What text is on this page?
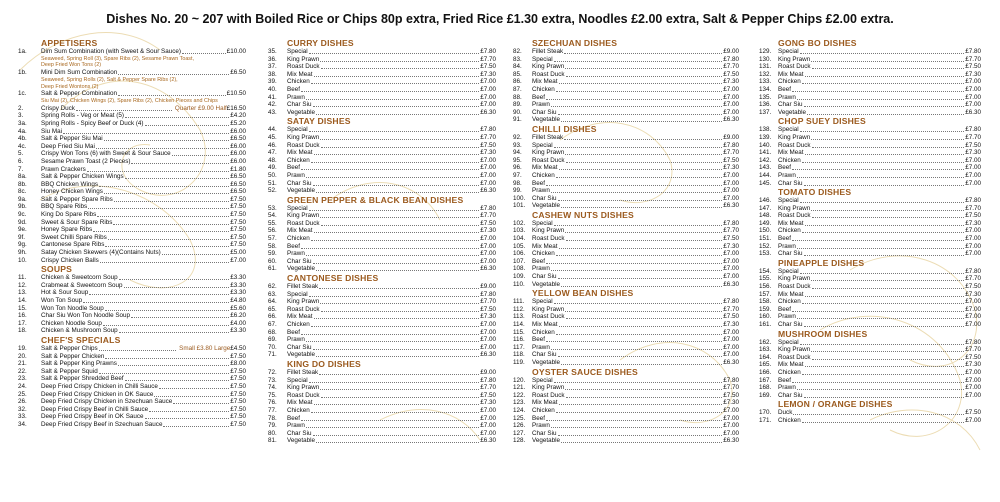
Dishes No. 20 ~ 207 with Boiled Rice or Chips 80p extra, Fried Rice £1.30 extra, Noodles £2.00 extra, Salt & Pepper Chips £2.00 extra.
APPETISERS
1a.	Dim Sum Combination (with Sweet & Sour Sauce)	£10.00
Seaweed, Spring Roll (3), Spare Ribs (2), Sesame Prawn Toast,
Deep Fried Won Tons (2)
1b.	Mini Dim Sum Combination	£6.50
Seaweed, Spring Rolls (2), Salt & Pepper Spare Ribs (2),
Deep Fried Wontons (2)
1c.	Salt & Pepper Combination	£10.50
Siu Mai (2), Chicken Wings (2), Spare Ribs (2), Chicken Pieces and Chips
2.	Crispy Duck	Quarter £9.00 Half £16.50
3.	Spring Rolls - Veg or Meat (5)	£4.20
3a.	Spring Rolls - Spicy Beef or Duck (4)	£5.20
4a.	Siu Mai	£6.00
4b.	Salt & Pepper Siu Mai	£6.50
4c.	Deep Fried Siu Mai	£6.00
5.	Crispy Won Tons (6) with Sweet & Sour Sauce	£6.00
6.	Sesame Prawn Toast (2 Pieces)	£6.00
7.	Prawn Crackers	£1.80
8a.	Salt & Pepper Chicken Wings	£6.50
8b.	BBQ Chicken Wings	£6.50
8c.	Honey Chicken Wings	£6.50
9a.	Salt & Pepper Spare Ribs	£7.50
9b.	BBQ Spare Ribs	£7.50
9c.	King Do Spare Ribs	£7.50
9d.	Sweet & Sour Spare Ribs	£7.50
9e.	Honey Spare Ribs	£7.50
9f.	Sweet Chilli Spare Ribs	£7.50
9g.	Cantonese Spare Ribs	£7.50
9h.	Satay Chicken Skewers (4)(Contains Nuts)	£5.00
10.	Crispy Chicken Balls	£7.00
SOUPS
11.	Chicken & Sweetcorn Soup	£3.30
12.	Crabmeat & Sweetcorn Soup	£3.30
13.	Hot & Sour Soup	£3.30
14.	Won Ton Soup	£4.80
15.	Won Ton Noodle Soup	£5.60
16.	Char Siu Won Ton Noodle Soup	£6.20
17.	Chicken Noodle Soup	£4.00
18.	Chicken & Mushroom Soup	£3.30
CHEF'S SPECIALS
19.	Salt & Pepper Chips	Small £3.80 Large £4.50
20.	Salt & Pepper Chicken	£7.50
21.	Salt & Pepper King Prawns	£8.00
22.	Salt & Pepper Squid	£7.50
23.	Salt & Pepper Shredded Beef	£7.50
24.	Deep Fried Crispy Chicken in Chilli Sauce	£7.50
25.	Deep Fried Crispy Chicken in OK Sauce	£7.50
26.	Deep Fried Crispy Chicken in Szechuan Sauce	£7.50
32.	Deep Fried Crispy Beef in Chilli Sauce	£7.50
33.	Deep Fried Crispy Beef in OK Sauce	£7.50
34.	Deep Fried Crispy Beef in Szechuan Sauce	£7.50
CURRY DISHES
35.	Special	£7.80
36.	King Prawn	£7.70
37.	Roast Duck	£7.50
38.	Mix Meat	£7.30
39.	Chicken	£7.00
40.	Beef	£7.00
41.	Prawn	£7.00
42.	Char Siu	£7.00
43.	Vegetable	£6.30
SATAY DISHES
44.	Special	£7.80
45.	King Prawn	£7.70
46.	Roast Duck	£7.50
47.	Mix Meat	£7.30
48.	Chicken	£7.00
49.	Beef	£7.00
50.	Prawn	£7.00
51.	Char Siu	£7.00
52.	Vegetable	£6.30
GREEN PEPPER & BLACK BEAN DISHES
53.	Special	£7.80
54.	King Prawn	£7.70
55.	Roast Duck	£7.50
56.	Mix Meat	£7.30
57.	Chicken	£7.00
58.	Beef	£7.00
59.	Prawn	£7.00
60.	Char Siu	£7.00
61.	Vegetable	£6.30
CANTONESE DISHES
62.	Fillet Steak	£9.00
63.	Special	£7.80
64.	King Prawn	£7.70
65.	Roast Duck	£7.50
66.	Mix Meat	£7.30
67.	Chicken	£7.00
68.	Beef	£7.00
69.	Prawn	£7.00
70.	Char Siu	£7.00
71.	Vegetable	£6.30
KING DO DISHES
72.	Fillet Steak	£9.00
73.	Special	£7.80
74.	King Prawn	£7.70
75.	Roast Duck	£7.50
76.	Mix Meat	£7.30
77.	Chicken	£7.00
78.	Beef	£7.00
79.	Prawn	£7.00
80.	Char Siu	£7.00
81.	Vegetable	£6.30
SZECHUAN DISHES
82.	Fillet Steak	£9.00
83.	Special	£7.80
84.	King Prawn	£7.70
85.	Roast Duck	£7.50
86.	Mix Meat	£7.30
87.	Chicken	£7.00
88.	Beef	£7.00
89.	Prawn	£7.00
90.	Char Siu	£7.00
91.	Vegetable	£6.30
CHILLI DISHES
92.	Fillet Steak	£9.00
93.	Special	£7.80
94.	King Prawn	£7.70
95.	Roast Duck	£7.50
96.	Mix Meat	£7.30
97.	Chicken	£7.00
98.	Beef	£7.00
99.	Prawn	£7.00
100.	Char Siu	£7.00
101.	Vegetable	£6.30
CASHEW NUTS DISHES
102.	Special	£7.80
103.	King Prawn	£7.70
104.	Roast Duck	£7.50
105.	Mix Meat	£7.30
106.	Chicken	£7.00
107.	Beef	£7.00
108.	Prawn	£7.00
109.	Char Siu	£7.00
110.	Vegetable	£6.30
YELLOW BEAN DISHES
111.	Special	£7.80
112.	King Prawn	£7.70
113.	Roast Duck	£7.50
114.	Mix Meat	£7.30
115.	Chicken	£7.00
116.	Beef	£7.00
117.	Prawn	£7.00
118.	Char Siu	£7.00
119.	Vegetable	£6.30
OYSTER SAUCE DISHES
120.	Special	£7.80
121.	King Prawn	£7.70
122.	Roast Duck	£7.50
123.	Mix Meat	£7.30
124.	Chicken	£7.00
125.	Beef	£7.00
126.	Prawn	£7.00
127.	Char Siu	£7.00
128.	Vegetable	£6.30
GONG BO DISHES
129.	Special	£7.80
130.	King Prawn	£7.70
131.	Roast Duck	£7.50
132.	Mix Meat	£7.30
133.	Chicken	£7.00
134.	Beef	£7.00
135.	Prawn	£7.00
136.	Char Siu	£7.00
137.	Vegetable	£6.30
CHOP SUEY DISHES
138.	Special	£7.80
139.	King Prawn	£7.70
140.	Roast Duck	£7.50
141.	Mix Meat	£7.30
142.	Chicken	£7.00
143.	Beef	£7.00
144.	Prawn	£7.00
145.	Char Siu	£7.00
TOMATO DISHES
146.	Special	£7.80
147.	King Prawn	£7.70
148.	Roast Duck	£7.50
149.	Mix Meat	£7.30
150.	Chicken	£7.00
151.	Beef	£7.00
152.	Prawn	£7.00
153.	Char Siu	£7.00
PINEAPPLE DISHES
154.	Special	£7.80
155.	King Prawn	£7.70
156.	Roast Duck	£7.50
157.	Mix Meat	£7.30
158.	Chicken	£7.00
159.	Beef	£7.00
160.	Prawn	£7.00
161.	Char Siu	£7.00
MUSHROOM DISHES
162.	Special	£7.80
163.	King Prawn	£7.70
164.	Roast Duck	£7.50
165.	Mix Meat	£7.30
166.	Chicken	£7.00
167.	Beef	£7.00
168.	Prawn	£7.00
169.	Char Siu	£7.00
LEMON / ORANGE DISHES
170.	Duck	£7.50
171.	Chicken	£7.00
